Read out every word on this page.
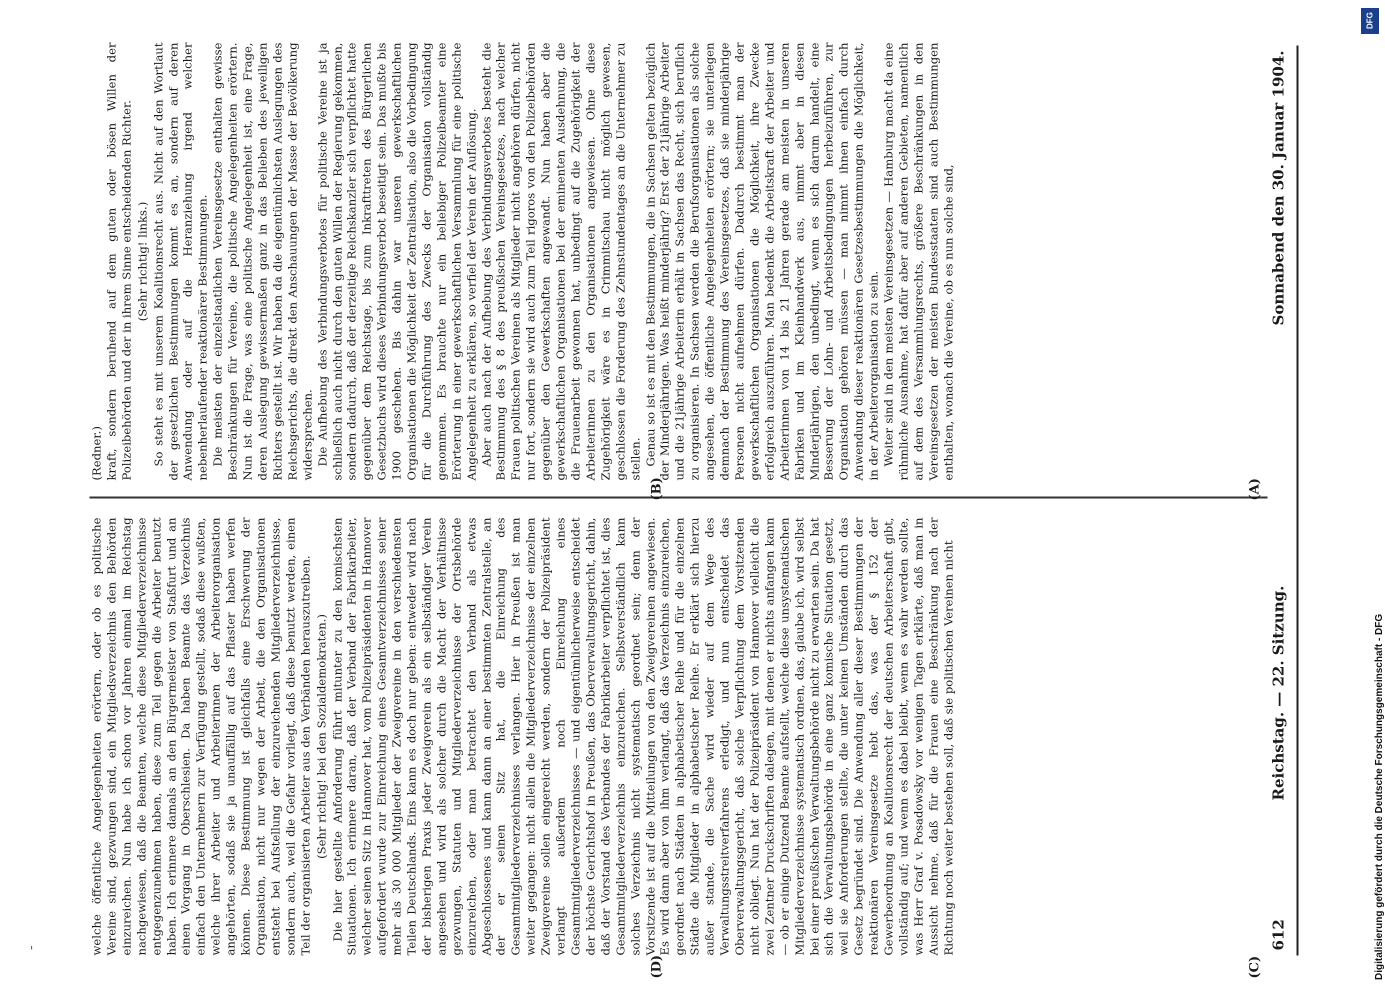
612
Reichstag. — 22. Sitzung.
Sonnabend den 30. Januar 1904.

(Redner.) kraft, sondern beruhend auf dem guten oder bösen Willen der Polizeibehörden und der in ihrem Sinne entscheidenden Richter. (Sehr richtig! links.) So steht es mit unserem Koalitionsrecht aus. Nicht auf den Wortlaut der gesetzlichen Bestimmungen kommt es an, sondern auf deren Anwendung oder auf die Heranziehung irgend welcher nebenherlaufender reaktionärer Bestimmungen. Die meisten der einzelstaatlichen Vereinsgesetze enthalten gewisse Beschränkungen für Vereine, die politische Angelegenheiten erörtern. Nun ist die Frage, was eine politische Angelegenheit ist, eine Frage, deren Auslegung gewissermaßen ganz in das Belieben des jeweiligen Richters gestellt ist. Wir haben da die eigentümlichsten Auslegungen des Reichsgerichts, die direkt den Anschauungen der Masse der Bevölkerung widersprechen. Die Aufhebung des Verbindungsverbotes für politische Vereine ist ja schließlich auch nicht durch den guten Willen der Regierung gekommen, sondern dadurch, daß der derzeitige Reichskanzler sich verpflichtet hatte gegenüber dem Reichstage, bis zum Inkrafttreten des Bürgerlichen Gesetzbuchs wird dieses Verbindungsverbot beseitigt sein. Das mußte bis 1900 geschehen. Bis dahin war unseren gewerkschaftlichen Organisationen die Möglichkeit der Zentralisation, also die Vorbedingung für die Durchführung des Zwecks der Organisation vollständig genommen. Es brauchte nur ein beliebiger Polizeibeamter eine Erörterung in einer gewerkschaftlichen Versammlung für eine politische Angelegenheit zu erklären, so verfiel der Verein der Auflösung. Aber auch nach der Aufhebung des Verbindungsverbotes besteht die Bestimmung des § 8 des preußischen Vereinsgesetzes, nach welcher Frauen politischen Vereinen als Mitglieder nicht angehören dürfen, nicht nur fort, sondern sie wird auch zum Teil rigoros von den Polizeibehörden gegenüber den Gewerkschaften angewandt. Nun haben aber die gewerkschaftlichen Organisationen bei der eminenten Ausdehnung, die die Frauenarbeit gewonnen hat, unbedingt auf die Zugehörigkeit der Arbeiterinnen zu den Organisationen angewiesen. Ohne diese Zugehörigkeit wäre es in Crimmitschau nicht möglich gewesen, geschlossen die Forderung des Zehnstundentages an die Unternehmer zu stellen. Genau so ist es mit den Bestimmungen, die in Sachsen gelten bezüglich der Minderjährigen. Was heißt minderjährig? Erst der 21jährige Arbeiter und die 21jährige Arbeiterin erhält in Sachsen das Recht, sich beruflich zu organisieren. In Sachsen werden die Berufsorganisationen als solche angesehen, die öffentliche Angelegenheiten erörtern; sie unterliegen demnach der Bestimmung des Vereinsgesetzes, daß sie minderjährige Personen nicht aufnehmen dürfen. Dadurch bestimmt man der gewerkschaftlichen Organisationen die Möglichkeit, ihre Zwecke erfolgreich auszuführen. Man bedenkt die Arbeitskraft der Arbeiter und Arbeiterinnen von 14 bis 21 Jahren gerade am meisten in unseren Fabriken und im Kleinhandwerk aus, nimmt aber in diesen Minderjährigen, den unbedingt, wenn es sich darum handelt, eine Besserung der Lohn- und Arbeitsbedingungen herbeizuführen, zur Organisation gehören müssen — man nimmt ihnen einfach durch Anwendung dieser reaktionären Gesetzesbestimmungen die Möglichkeit, in der Arbeiterorganisation zu sein. Weiter sind in den meisten Vereinsgesetzen — Hamburg macht da eine rühmliche Ausnahme, hat dafür aber auf anderen Gebieten, namentlich auf dem des Versammlungsrechts, größere Beschränkungen in den Vereinsgesetzen der meisten Bundesstaaten sind auch Bestimmungen enthalten, wonach die Vereine, ob es nun solche sind,

welche öffentliche Angelegenheiten erörtern, oder ob es politische Vereine sind, gezwungen sind, ein Mitgliedsverzeichnis den Behörden einzureichen. Nun habe ich schon vor Jahren einmal im Reichstag nachgewiesen, daß die Beamten, welche diese Mitgliederverzeichnisse entgegenzunehmen haben, diese zum Teil gegen die Arbeiter benutzt haben. Ich erinnere damals an den Bürgermeister von Staßfurt und an einen Vorgang in Oberschlesien. Da haben Beamte das Verzeichnis einfach den Unternehmern zur Verfügung gestellt, sodaß diese wußten, welche ihrer Arbeiter und Arbeiterinnen der Arbeiterorganisation angehörten, sodaß sie ja unauffällig auf das Pflaster haben werfen können. Diese Bestimmung ist gleichfalls eine Erschwerung der Organisation, nicht nur wegen der Arbeit, die den Organisationen entsteht bei Aufstellung der einzureichenden Mitgliederverzeichnisse, sondern auch, weil die Gefahr vorliegt, daß diese benutzt werden, einen Teil der organisierten Arbeiter aus den Verbänden herauszutreiben. (Sehr richtig! bei den Sozialdemokraten.) Die hier gestellte Anforderung führt mitunter zu den komischsten Situationen. Ich erinnere daran, daß der Verband der Fabrikarbeiter, welcher seinen Sitz in Hannover hat, vom Polizeipräsidenten in Hannover aufgefordert wurde zur Einreichung eines Gesamtverzeichnisses seiner mehr als 30 000 Mitglieder der Zweigvereine in den verschiedensten Teilen Deutschlands. Eins kann es doch nur geben: entweder wird nach der bisherigen Praxis jeder Zweigverein als ein selbständiger Verein angesehen und wird als solcher durch die Macht der Verhältnisse gezwungen, Statuten und Mitgliederverzeichnisse der Ortsbehörde einzureichen, oder man betrachtet den Verband als etwas Abgeschlossenes und kann dann an einer bestimmten Zentralstelle, an der er seinen Sitz hat, die Einreichung des Gesamtmitgliederverzeichnisses verlangen. Hier in Preußen ist man weiter gegangen: nicht allein die Mitgliederverzeichnisse der einzelnen Zweigvereine sollen eingereicht werden, sondern der Polizeipräsident verlangt außerdem noch Einreichung eines Gesamtmitgliederverzeichnisses — und eigentümlicherweise entscheidet der höchste Gerichtshof in Preußen, das Oberverwaltungsgericht, dahin, daß der Vorstand des Verbandes der Fabrikarbeiter verpflichtet ist, dies Gesamtmitgliederverzeichnis einzureichen. Selbstverständlich kann solches Verzeichnis nicht systematisch geordnet sein; denn der Vorsitzende ist auf die Mitteilungen von den Zweigvereinen angewiesen. Es wird dann aber von ihm verlangt, daß das Verzeichnis einzureichen, geordnet nach Städten in alphabetischer Reihe und für die einzelnen Städte die Mitglieder in alphabetischer Reihe. Er erklärt sich hierzu außer stande, die Sache wird wieder auf dem Wege des Verwaltungsstreitverfahrens erledigt, und nun entscheidet das Oberverwaltungsgericht, daß solche Verpflichtung dem Vorsitzenden nicht obliegt. Nun hat der Polizeipräsident von Hannover vielleicht die zwei Zentner Druckschriften dalegen, mit denen er nichts anfangen kann — ob er einige Dutzend Beamte aufstellt, welche diese unsystematischen Mitgliederverzeichnisse systematisch ordnen, das, glaube ich, wird selbst bei einer preußischen Verwaltungsbehörde nicht zu erwarten sein. Da hat sich die Verwaltungsbehörde in eine ganz komische Situation gesetzt, weil sie Anforderungen stellte, die unter keinen Umständen durch das Gesetz begründet sind. Die Anwendung aller dieser Bestimmungen der reaktionären Vereinsgesetze hebt das, was der § 152 der Gewerbeordnung an Koalitionsrecht der deutschen Arbeiterschaft gibt, vollständig auf; und wenn es dabei bleibt, wenn es wahr werden sollte, was Herr Graf v. Posadowsky vor wenigen Tagen erklärte, daß man in Aussicht nehme, daß für die Frauen eine Beschränkung nach der Richtung noch weiter bestehen soll, daß sie politischen Vereinen nicht

(A)
(B)
(C)
(D)
DFG
Digitalisierung gefördert durch die Deutsche Forschungsgemeinschaft - DFG
'
